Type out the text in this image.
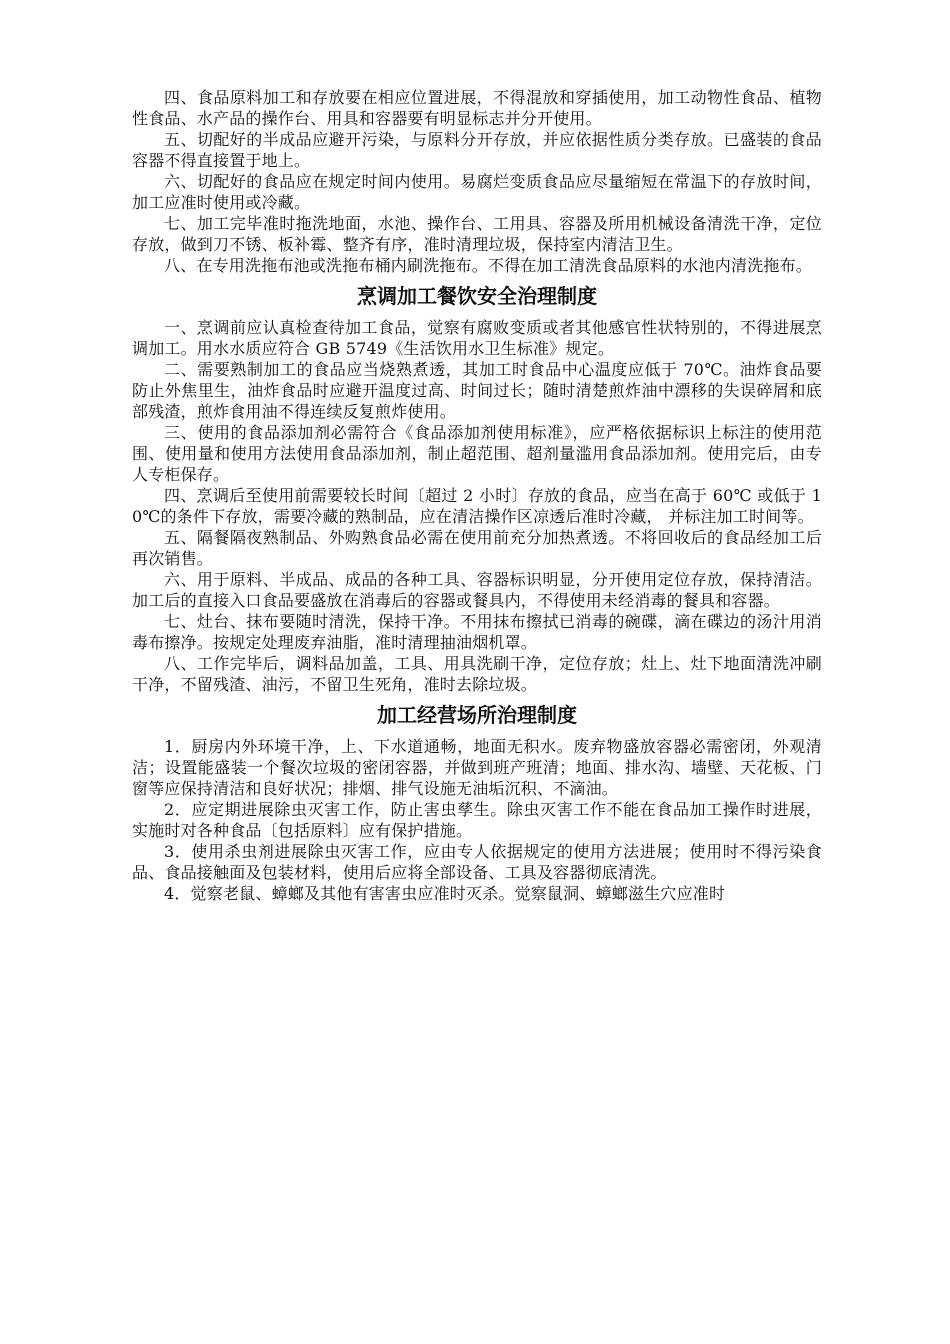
四、食品原料加工和存放要在相应位置进展，不得混放和穿插使用，加工动物性食品、植物性食品、水产品的操作台、用具和容器要有明显标志并分开使用。

五、切配好的半成品应避开污染，与原料分开存放，并应依据性质分类存放。已盛装的食品容器不得直接置于地上。

六、切配好的食品应在规定时间内使用。易腐烂变质食品应尽量缩短在常温下的存放时间，加工应准时使用或冷藏。

七、加工完毕准时拖洗地面，水池、操作台、工用具、容器及所用机械设备清洗干净，定位存放，做到刀不锈、板补霉、整齐有序，准时清理垃圾，保持室内清洁卫生。

八、在专用洗拖布池或洗拖布桶内刷洗拖布。不得在加工清洗食品原料的水池内清洗拖布。

烹调加工餐饮安全治理制度

一、烹调前应认真检查待加工食品，觉察有腐败变质或者其他感官性状特别的，不得进展烹调加工。用水水质应符合 GB 5749《生活饮用水卫生标准》规定。

二、需要熟制加工的食品应当烧熟煮透，其加工时食品中心温度应低于 70℃。油炸食品要防止外焦里生，油炸食品时应避开温度过高、时间过长；随时清楚煎炸油中漂移的失误碎屑和底部残渣，煎炸食用油不得连续反复煎炸使用。

三、使用的食品添加剂必需符合《食品添加剂使用标准》，应严格依据标识上标注的使用范围、使用量和使用方法使用食品添加剂，制止超范围、超剂量滥用食品添加剂。使用完后，由专人专柜保存。

四、烹调后至使用前需要较长时间〔超过 2 小时〕存放的食品，应当在高于 60℃ 或低于 10℃的条件下存放，需要冷藏的熟制品，应在清洁操作区凉透后准时冷藏， 并标注加工时间等。

五、隔餐隔夜熟制品、外购熟食品必需在使用前充分加热煮透。不将回收后的食品经加工后再次销售。

六、用于原料、半成品、成品的各种工具、容器标识明显，分开使用定位存放，保持清洁。加工后的直接入口食品要盛放在消毒后的容器或餐具内，不得使用未经消毒的餐具和容器。

七、灶台、抹布要随时清洗，保持干净。不用抹布擦拭已消毒的碗碟，滴在碟边的汤汁用消毒布擦净。按规定处理废弃油脂，准时清理抽油烟机罩。

八、工作完毕后，调料品加盖，工具、用具洗刷干净，定位存放；灶上、灶下地面清洗冲刷干净，不留残渣、油污，不留卫生死角，准时去除垃圾。

加工经营场所治理制度

1．厨房内外环境干净，上、下水道通畅，地面无积水。废弃物盛放容器必需密闭，外观清洁；设置能盛装一个餐次垃圾的密闭容器，并做到班产班清；地面、排水沟、墙壁、天花板、门窗等应保持清洁和良好状况；排烟、排气设施无油垢沉积、不滴油。

2．应定期进展除虫灭害工作，防止害虫孳生。除虫灭害工作不能在食品加工操作时进展，实施时对各种食品〔包括原料〕应有保护措施。

3．使用杀虫剂进展除虫灭害工作，应由专人依据规定的使用方法进展；使用时不得污染食品、食品接触面及包装材料，使用后应将全部设备、工具及容器彻底清洗。

4．觉察老鼠、蟑螂及其他有害害虫应准时灭杀。觉察鼠洞、蟑螂滋生穴应准时
